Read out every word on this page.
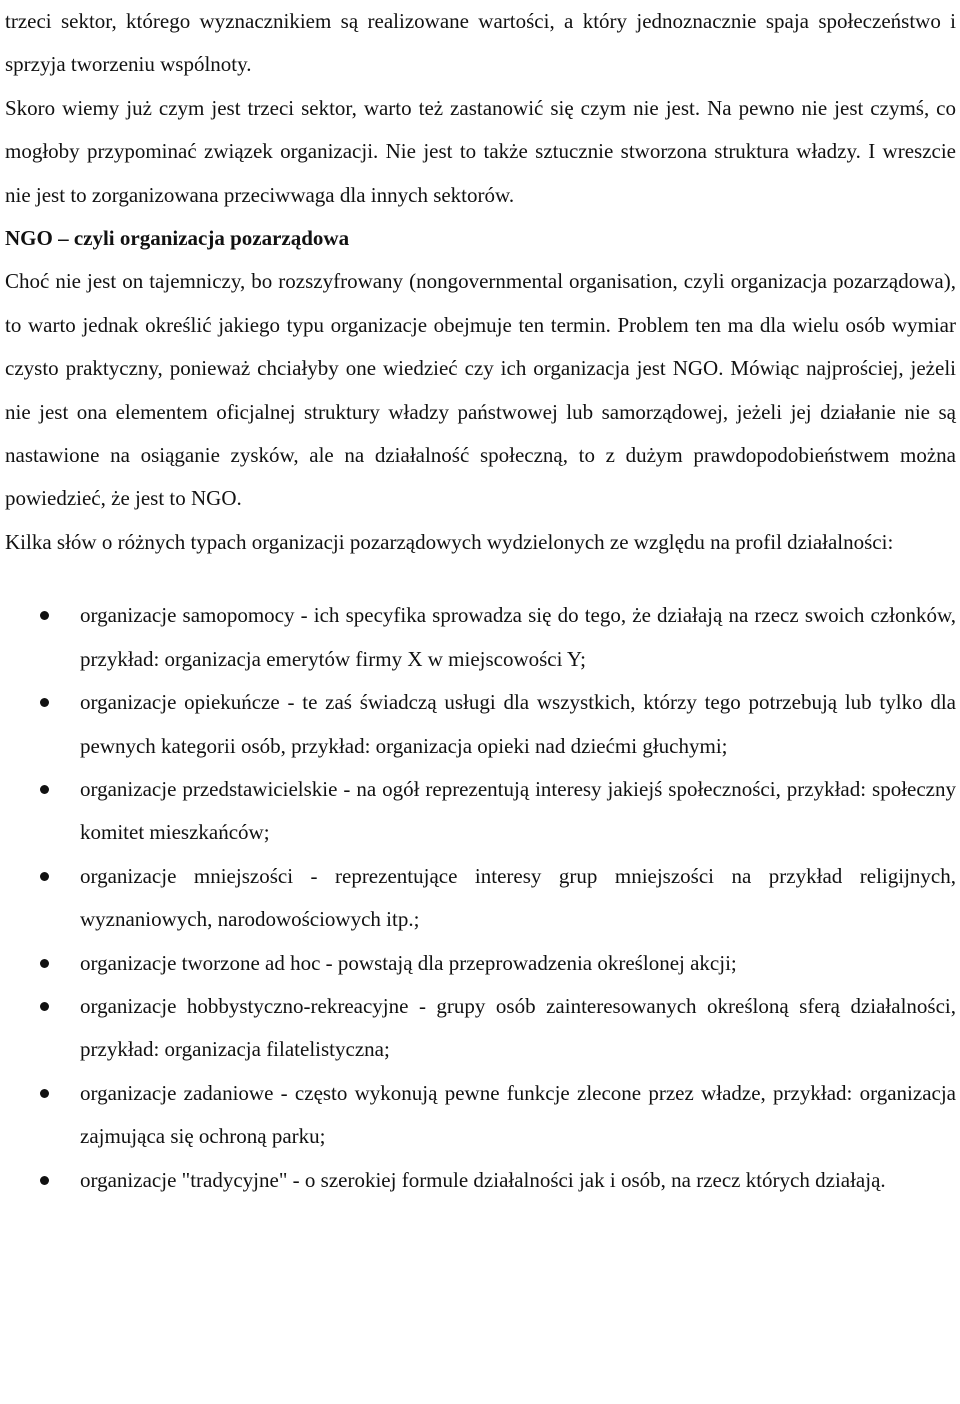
trzeci sektor, którego wyznacznikiem są realizowane wartości, a który jednoznacznie spaja społeczeństwo i sprzyja tworzeniu wspólnoty.

Skoro wiemy już czym jest trzeci sektor, warto też zastanowić się czym nie jest. Na pewno nie jest czymś, co mogłoby przypominać związek organizacji. Nie jest to także sztucznie stworzona struktura władzy. I wreszcie nie jest to zorganizowana przeciwwaga dla innych sektorów.

NGO – czyli organizacja pozarządowa

Choć nie jest on tajemniczy, bo rozszyfrowany (nongovernmental organisation, czyli organizacja pozarządowa), to warto jednak określić jakiego typu organizacje obejmuje ten termin. Problem ten ma dla wielu osób wymiar czysto praktyczny, ponieważ chciałyby one wiedzieć czy ich organizacja jest NGO. Mówiąc najprościej, jeżeli nie jest ona elementem oficjalnej struktury władzy państwowej lub samorządowej, jeżeli jej działanie nie są nastawione na osiąganie zysków, ale na działalność społeczną, to z dużym prawdopodobieństwem można powiedzieć, że jest to NGO.

Kilka słów o różnych typach organizacji pozarządowych wydzielonych ze względu na profil działalności:

organizacje samopomocy - ich specyfika sprowadza się do tego, że działają na rzecz swoich członków, przykład: organizacja emerytów firmy X w miejscowości Y;
organizacje opiekuńcze - te zaś świadczą usługi dla wszystkich, którzy tego potrzebują lub tylko dla pewnych kategorii osób, przykład: organizacja opieki nad dziećmi głuchymi;
organizacje przedstawicielskie - na ogół reprezentują interesy jakiejś społeczności, przykład: społeczny komitet mieszkańców;
organizacje mniejszości - reprezentujące interesy grup mniejszości na przykład religijnych, wyznaniowych, narodowościowych itp.;
organizacje tworzone ad hoc - powstają dla przeprowadzenia określonej akcji;
organizacje hobbystyczno-rekreacyjne - grupy osób zainteresowanych określoną sferą działalności, przykład: organizacja filatelistyczna;
organizacje zadaniowe - często wykonują pewne funkcje zlecone przez władze, przykład: organizacja zajmująca się ochroną parku;
organizacje "tradycyjne" - o szerokiej formule działalności jak i osób, na rzecz których działają.
